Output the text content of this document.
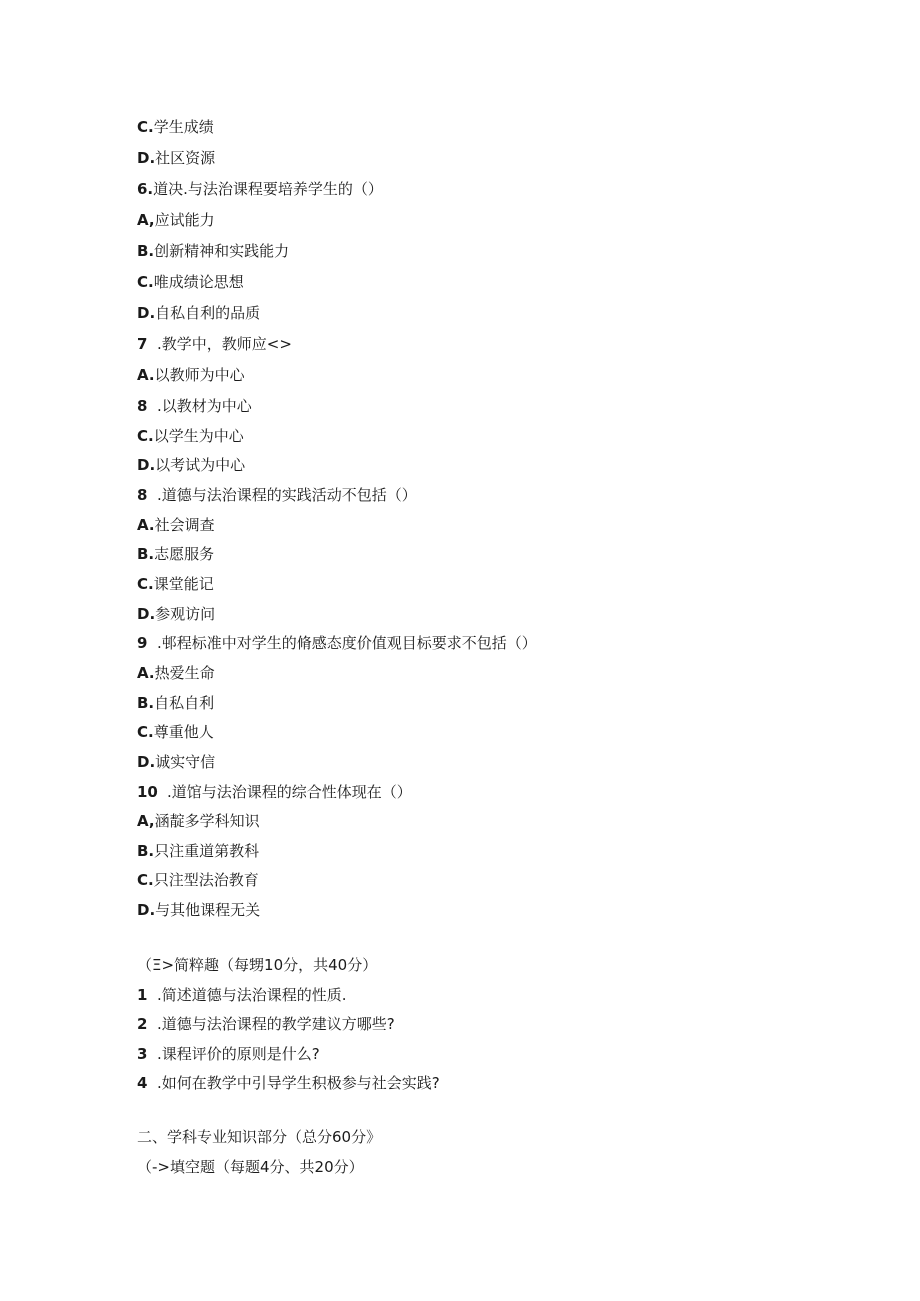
C.学生成绩
D.社区资源
6.道决.与法治课程要培养学生的（）
A,应试能力
B.创新精神和实践能力
C.唯成绩论思想
D.自私自利的品质
7 .教学中，教师应<>
A.以教师为中心
8 .以教材为中心
C.以学生为中心
D.以考试为中心
8 .道德与法治课程的实践活动不包括（）
A.社会调查
B.志愿服务
C.课堂能记
D.参观访问
9 .邨程标准中对学生的脩感态度价值观目标要求不包括（）
A.热爱生命
B.自私自利
C.尊重他人
D.诚实守信
10 .道馆与法治课程的综合性体现在（）
A,涵靛多学科知识
B.只注重道第教科
C.只注型法治教育
D.与其他课程无关
（Ξ>简粹趣（每甥10分，共40分）
1 .简述道德与法治课程的性质.
2 .道德与法治课程的教学建议方哪些?
3 .课程评价的原则是什么?
4 .如何在教学中引导学生积极参与社会实践?
二、学科专业知识部分（总分60分》
（->填空题（每题4分、共20分）
